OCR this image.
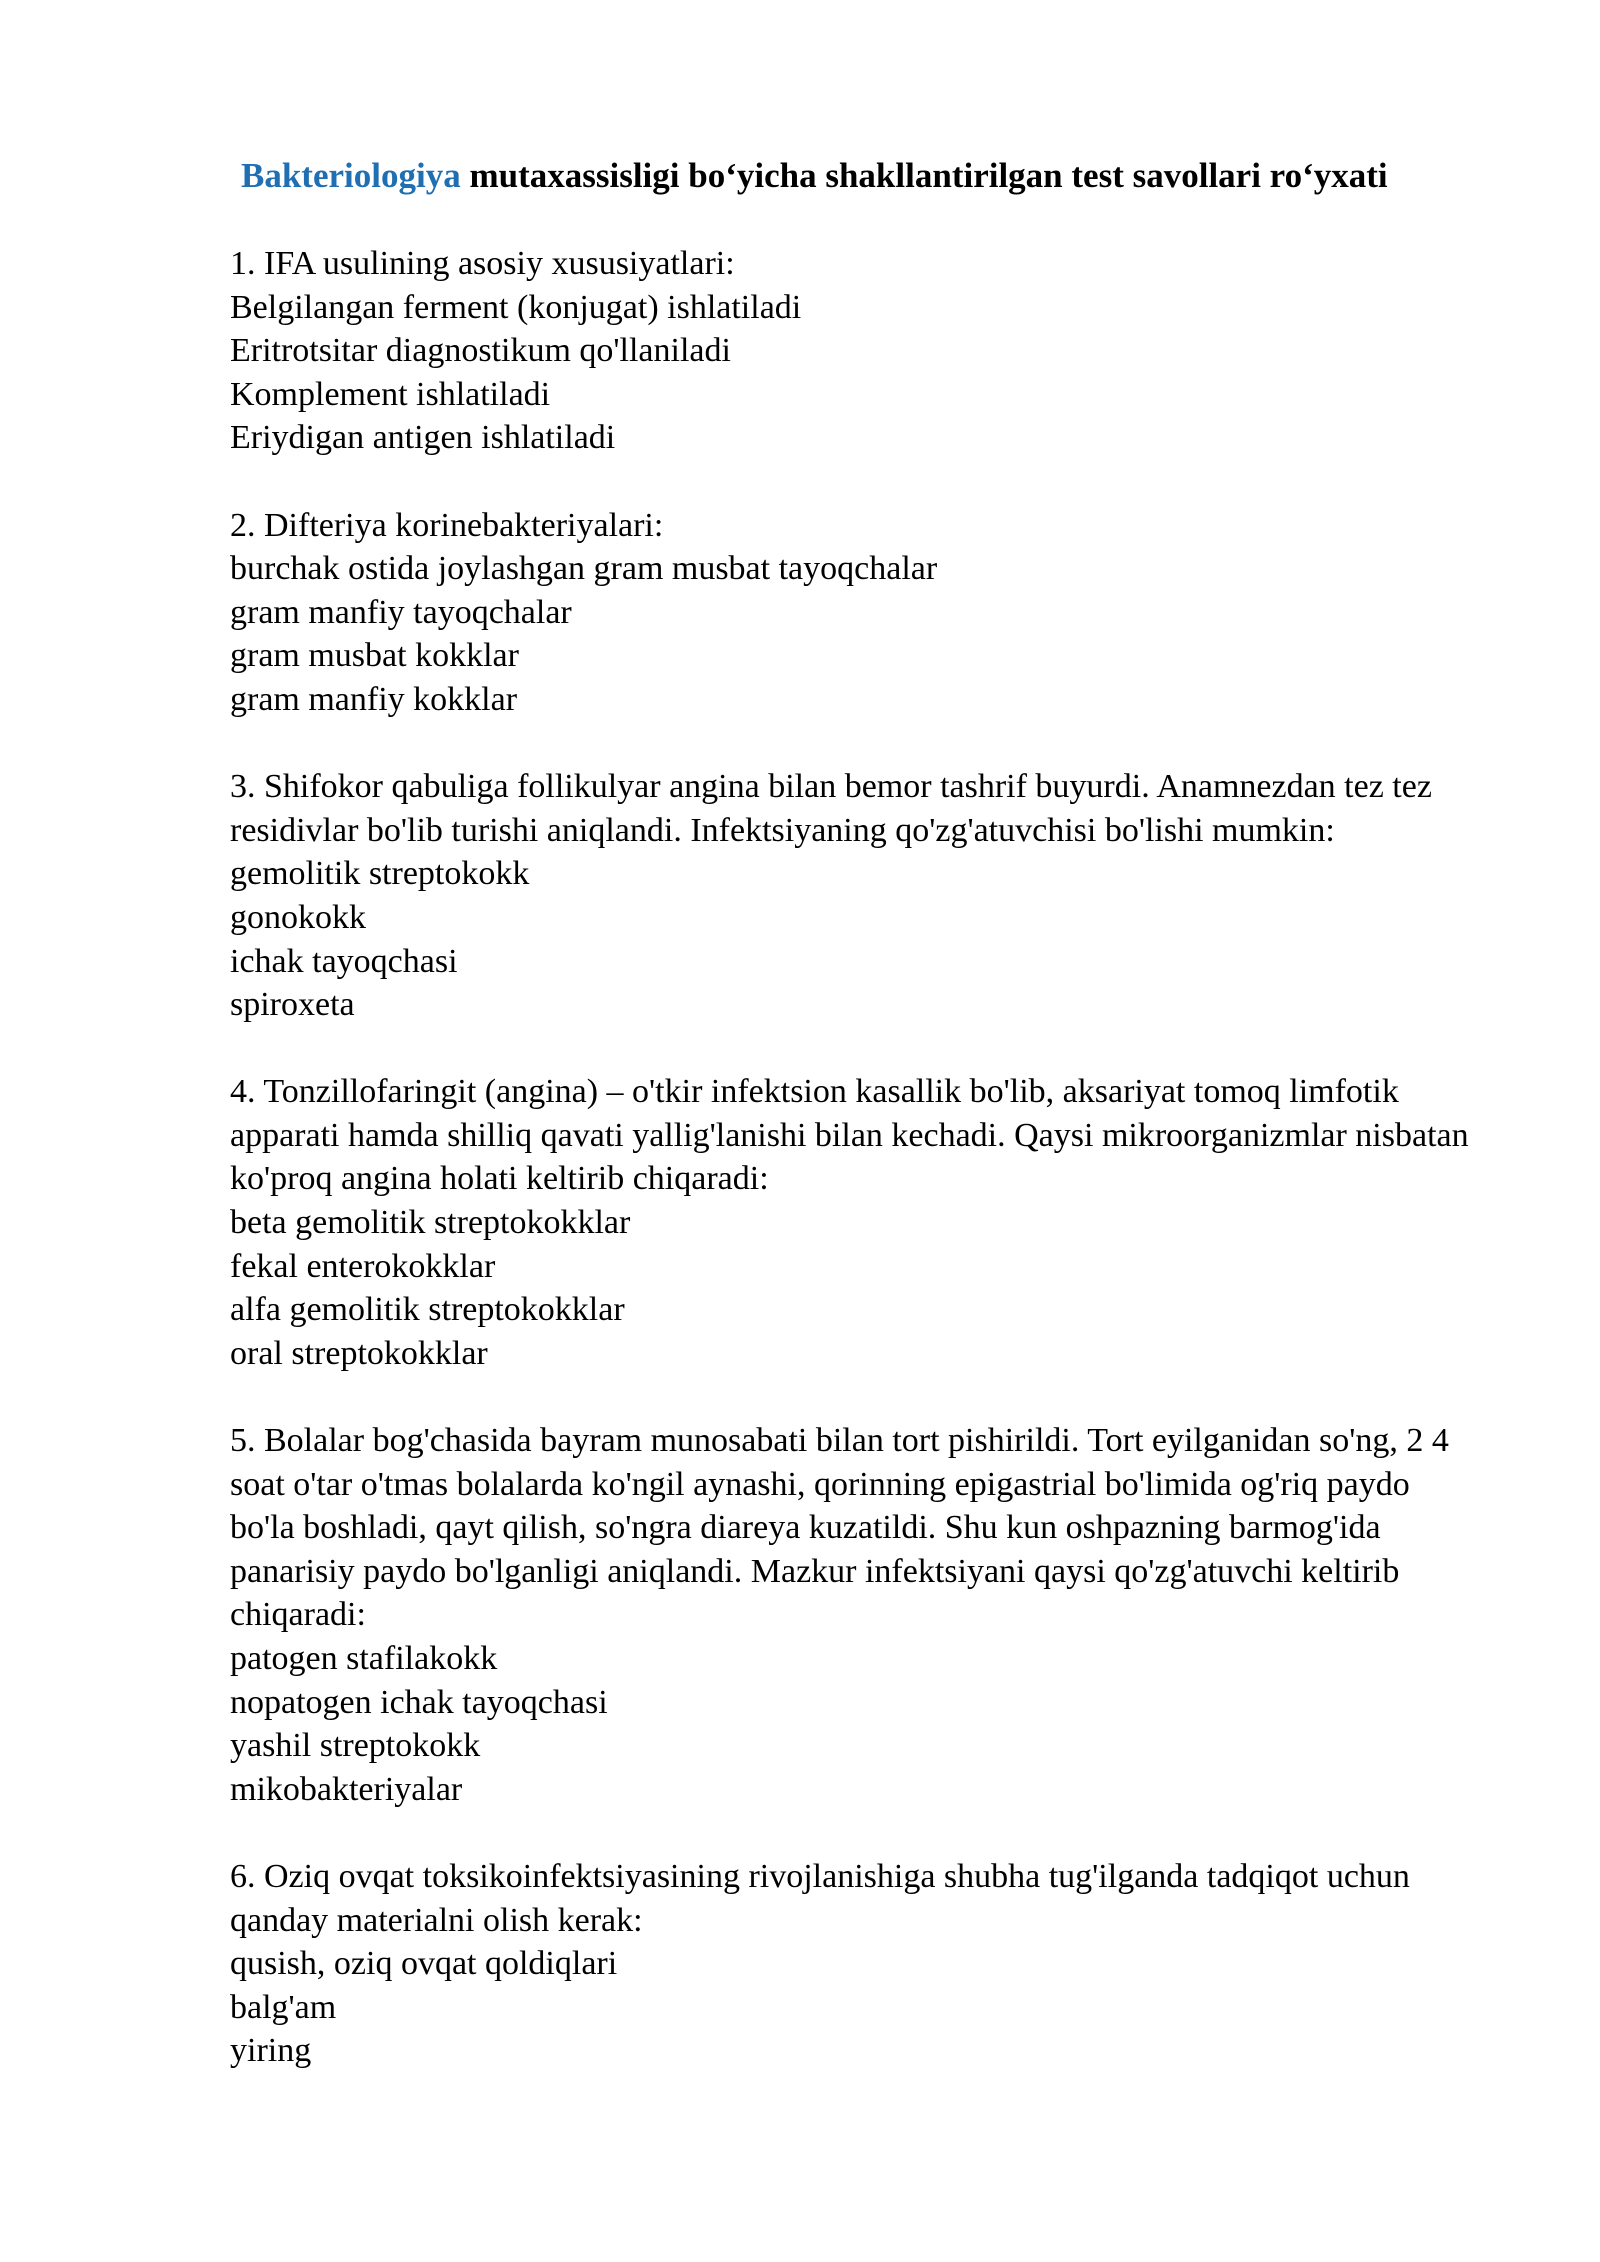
Bakteriologiya mutaxassisligi bo‘yicha shakllantirilgan test savollari ro‘yxati
1. IFA usulining asosiy xususiyatlari:
Belgilangan ferment (konjugat) ishlatiladi
Eritrotsitar diagnostikum qo'llaniladi
Komplement ishlatiladi
Eriydigan antigen ishlatiladi
2. Difteriya korinebakteriyalari:
burchak ostida joylashgan gram musbat tayoqchalar
gram manfiy tayoqchalar
gram musbat kokklar
gram manfiy kokklar
3. Shifokor qabuliga follikulyar angina bilan bemor tashrif buyurdi. Anamnezdan tez tez residivlar bo'lib turishi aniqlandi. Infektsiyaning qo'zg'atuvchisi bo'lishi mumkin:
gemolitik streptokokk
gonokokk
ichak tayoqchasi
spiroxeta
4. Tonzillofaringit (angina) – o'tkir infektsion kasallik bo'lib, aksariyat tomoq limfotik apparati hamda shilliq qavati yallig'lanishi bilan kechadi. Qaysi mikroorganizmlar nisbatan ko'proq angina holati keltirib chiqaradi:
beta gemolitik streptokokklar
fekal enterokokklar
alfa gemolitik streptokokklar
oral streptokokklar
5. Bolalar bog'chasida bayram munosabati bilan tort pishirildi. Tort eyilganidan so'ng, 2 4 soat o'tar o'tmas bolalarda ko'ngil aynashi, qorinning epigastrial bo'limida og'riq paydo bo'la boshladi, qayt qilish, so'ngra diareya kuzatildi. Shu kun oshpazning barmog'ida panarisiy paydo bo'lganligi aniqlandi. Mazkur infektsiyani qaysi qo'zg'atuvchi keltirib chiqaradi:
patogen stafilakokk
nopatogen ichak tayoqchasi
yashil streptokokk
mikobakteriyalar
6. Oziq ovqat toksikoinfektsiyasining rivojlanishiga shubha tug'ilganda tadqiqot uchun qanday materialni olish kerak:
qusish, oziq ovqat qoldiqlari
balg'am
yiring
